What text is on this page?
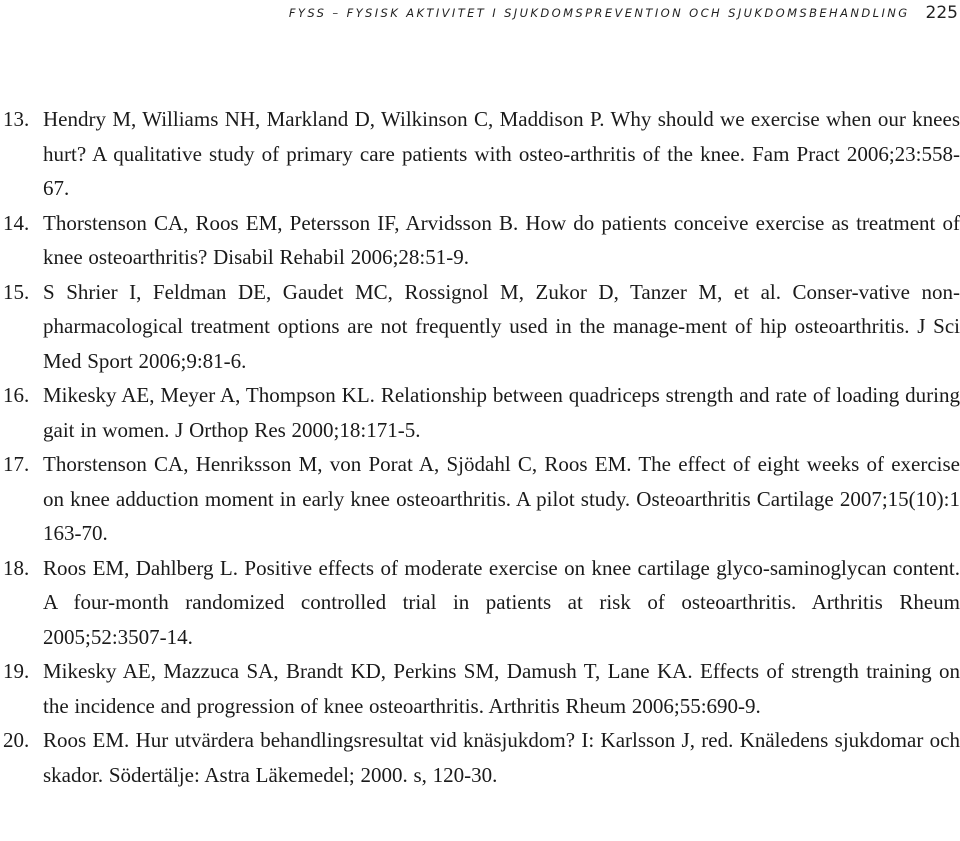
FYSS – FYSISK AKTIVITET I SJUKDOMSPREVENTION OCH SJUKDOMSBEHANDLING 225
13. Hendry M, Williams NH, Markland D, Wilkinson C, Maddison P. Why should we exercise when our knees hurt? A qualitative study of primary care patients with osteo-arthritis of the knee. Fam Pract 2006;23:558-67.
14. Thorstenson CA, Roos EM, Petersson IF, Arvidsson B. How do patients conceive exercise as treatment of knee osteoarthritis? Disabil Rehabil 2006;28:51-9.
15. S Shrier I, Feldman DE, Gaudet MC, Rossignol M, Zukor D, Tanzer M, et al. Conser-vative non-pharmacological treatment options are not frequently used in the manage-ment of hip osteoarthritis. J Sci Med Sport 2006;9:81-6.
16. Mikesky AE, Meyer A, Thompson KL. Relationship between quadriceps strength and rate of loading during gait in women. J Orthop Res 2000;18:171-5.
17. Thorstenson CA, Henriksson M, von Porat A, Sjödahl C, Roos EM. The effect of eight weeks of exercise on knee adduction moment in early knee osteoarthritis. A pilot study. Osteoarthritis Cartilage 2007;15(10):1 163-70.
18. Roos EM, Dahlberg L. Positive effects of moderate exercise on knee cartilage glyco-saminoglycan content. A four-month randomized controlled trial in patients at risk of osteoarthritis. Arthritis Rheum 2005;52:3507-14.
19. Mikesky AE, Mazzuca SA, Brandt KD, Perkins SM, Damush T, Lane KA. Effects of strength training on the incidence and progression of knee osteoarthritis. Arthritis Rheum 2006;55:690-9.
20. Roos EM. Hur utvärdera behandlingsresultat vid knäsjukdom? I: Karlsson J, red. Knäledens sjukdomar och skador. Södertälje: Astra Läkemedel; 2000. s, 120-30.
